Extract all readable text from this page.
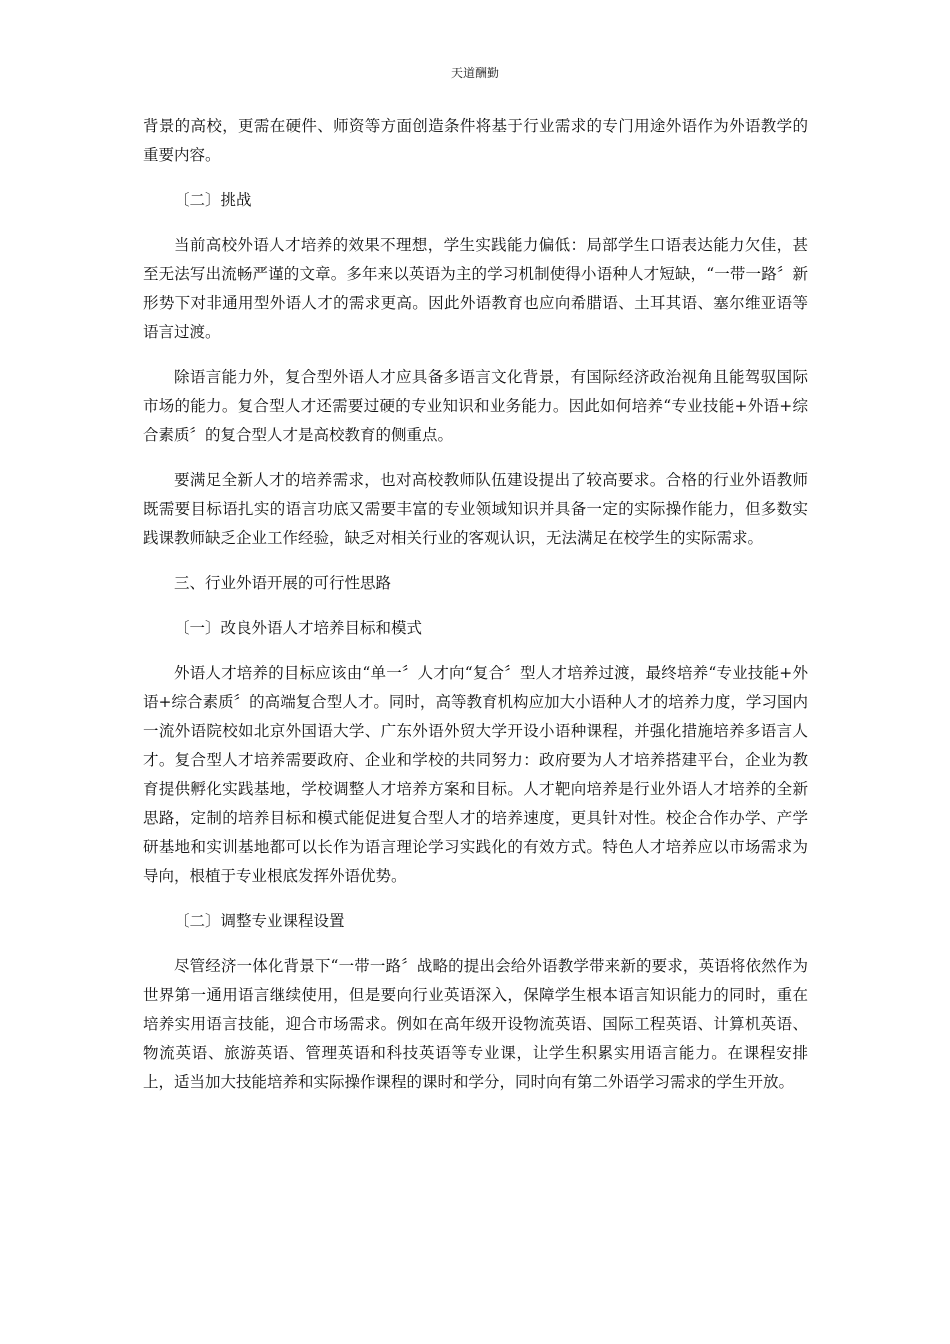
天道酬勤

背景的高校，更需在硬件、师资等方面创造条件将基于行业需求的专门用途外语作为外语教学的重要内容。

〔二〕挑战

当前高校外语人才培养的效果不理想，学生实践能力偏低：局部学生口语表达能力欠佳，甚至无法写出流畅严谨的文章。多年来以英语为主的学习机制使得小语种人才短缺，“一带一路〞新形势下对非通用型外语人才的需求更高。因此外语教育也应向希腊语、土耳其语、塞尔维亚语等语言过渡。

除语言能力外，复合型外语人才应具备多语言文化背景，有国际经济政治视角且能驾驭国际市场的能力。复合型人才还需要过硬的专业知识和业务能力。因此如何培养“专业技能+外语+综合素质〞的复合型人才是高校教育的侧重点。

要满足全新人才的培养需求，也对高校教师队伍建设提出了较高要求。合格的行业外语教师既需要目标语扎实的语言功底又需要丰富的专业领域知识并具备一定的实际操作能力，但多数实践课教师缺乏企业工作经验，缺乏对相关行业的客观认识，无法满足在校学生的实际需求。

三、行业外语开展的可行性思路

〔一〕改良外语人才培养目标和模式

外语人才培养的目标应该由“单一〞人才向“复合〞型人才培养过渡，最终培养“专业技能+外语+综合素质〞的高端复合型人才。同时，高等教育机构应加大小语种人才的培养力度，学习国内一流外语院校如北京外国语大学、广东外语外贸大学开设小语种课程，并强化措施培养多语言人才。复合型人才培养需要政府、企业和学校的共同努力：政府要为人才培养搭建平台，企业为教育提供孵化实践基地，学校调整人才培养方案和目标。人才靶向培养是行业外语人才培养的全新思路，定制的培养目标和模式能促进复合型人才的培养速度，更具针对性。校企合作办学、产学研基地和实训基地都可以长作为语言理论学习实践化的有效方式。特色人才培养应以市场需求为导向，根植于专业根底发挥外语优势。

〔二〕调整专业课程设置

尽管经济一体化背景下“一带一路〞战略的提出会给外语教学带来新的要求，英语将依然作为世界第一通用语言继续使用，但是要向行业英语深入，保障学生根本语言知识能力的同时，重在培养实用语言技能，迎合市场需求。例如在高年级开设物流英语、国际工程英语、计算机英语、物流英语、旅游英语、管理英语和科技英语等专业课，让学生积累实用语言能力。在课程安排上，适当加大技能培养和实际操作课程的课时和学分，同时向有第二外语学习需求的学生开放。
